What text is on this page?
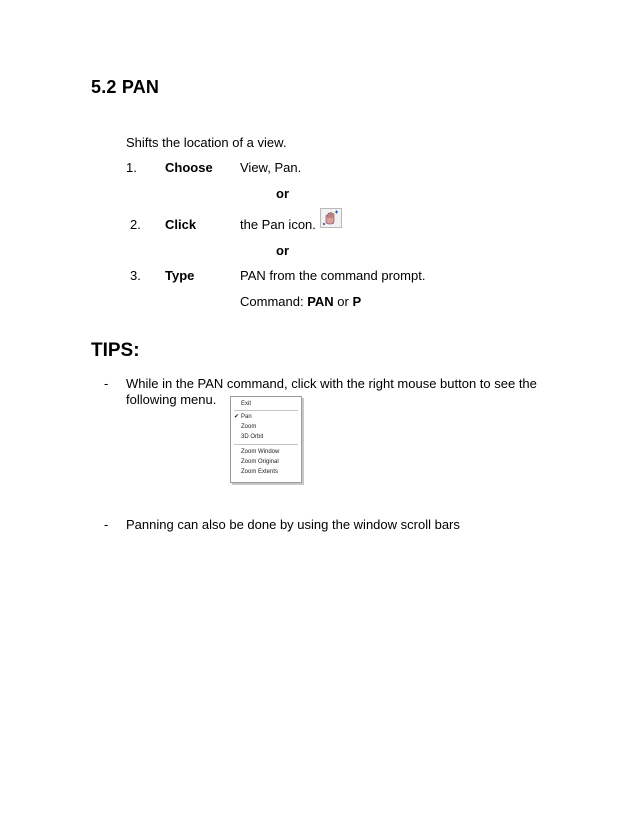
5.2 PAN
Shifts the location of a view.
1. Choose View, Pan.
or
2. Click	the Pan icon.
or
3. Type	PAN from the command prompt.
Command: PAN or P
TIPS:
- While in the PAN command, click with the right mouse button to see the
following menu.	Exit
✔ Pan
Zoom
3D Orbit
Zoom Window
Zoom Original
Zoom Extents
- Panning can also be done by using the window scroll bars
